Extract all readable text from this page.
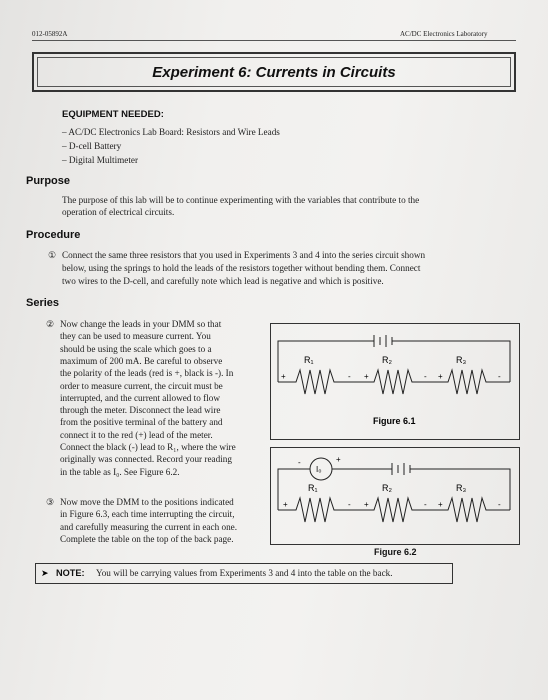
012-05892A	AC/DC Electronics Laboratory
Experiment 6: Currents in Circuits
EQUIPMENT NEEDED:
– AC/DC Electronics Lab Board: Resistors and Wire Leads
– D-cell Battery
– Digital Multimeter
Purpose
The purpose of this lab will be to continue experimenting with the variables that contribute to the
operation of electrical circuits.
Procedure
① Connect the same three resistors that you used in Experiments 3 and 4 into the series circuit shown
below, using the springs to hold the leads of the resistors together without bending them. Connect
two wires to the D-cell, and carefully note which lead is negative and which is positive.
Series
② Now change the leads in your DMM so that
they can be used to measure current. You
should be using the scale which goes to a
maximum of 200 mA. Be careful to observe
the polarity of the leads (red is +, black is -). In
order to measure current, the circuit must be
interrupted, and the current allowed to flow
through the meter. Disconnect the lead wire
from the positive terminal of the battery and
connect it to the red (+) lead of the meter.
Connect the black (-) lead to R₁, where the wire
originally was connected. Record your reading
in the table as I₀. See Figure 6.2.
③ Now move the DMM to the positions indicated
in Figure 6.3, each time interrupting the circuit,
and carefully measuring the current in each one.
Complete the table on the top of the back page.
R₁	R₂	R₃
+	- +	- +	-
Figure 6.1
I₀
-	+
R₁	R₂	R₃
+	- +	- +	-
Figure 6.2
➤ NOTE: You will be carrying values from Experiments 3 and 4 into the table on the back.
